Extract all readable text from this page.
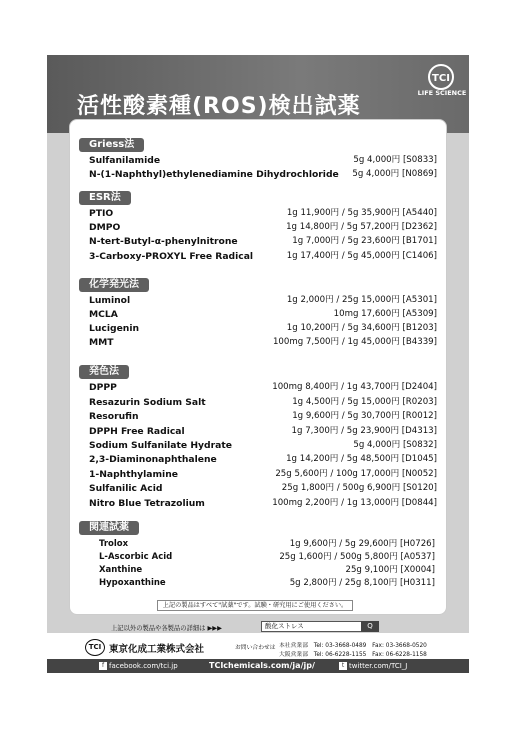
活性酸素種(ROS)検出試薬
TCI
LIFE SCIENCE
Griess法
Sulfanilamide	5g 4,000円 [S0833]
N-(1-Naphthyl)ethylenediamine Dihydrochloride 5g 4,000円 [N0869]
ESR法
PTIO	1g 11,900円 / 5g 35,900円 [A5440]
DMPO	1g 14,800円 / 5g 57,200円 [D2362]
N-tert-Butyl-α-phenylnitrone	1g 7,000円 / 5g 23,600円 [B1701]
3-Carboxy-PROXYL Free Radical	1g 17,400円 / 5g 45,000円 [C1406]
化学発光法
Luminol	1g 2,000円 / 25g 15,000円 [A5301]
MCLA	10mg 17,600円 [A5309]
Lucigenin	1g 10,200円 / 5g 34,600円 [B1203]
MMT	100mg 7,500円 / 1g 45,000円 [B4339]
発色法
DPPP	100mg 8,400円 / 1g 43,700円 [D2404]
Resazurin Sodium Salt	1g 4,500円 / 5g 15,000円 [R0203]
Resorufin	1g 9,600円 / 5g 30,700円 [R0012]
DPPH Free Radical	1g 7,300円 / 5g 23,900円 [D4313]
Sodium Sulfanilate Hydrate	5g 4,000円 [S0832]
2,3-Diaminonaphthalene	1g 14,200円 / 5g 48,500円 [D1045]
1-Naphthylamine	25g 5,600円 / 100g 17,000円 [N0052]
Sulfanilic Acid	25g 1,800円 / 500g 6,900円 [S0120]
Nitro Blue Tetrazolium	100mg 2,200円 / 1g 13,000円 [D0844]
関連試薬
Trolox	1g 9,600円 / 5g 29,600円 [H0726]
L-Ascorbic Acid	25g 1,600円 / 500g 5,800円 [A0537]
Xanthine	25g 9,100円 [X0004]
Hypoxanthine	5g 2,800円 / 25g 8,100円 [H0311]
上記の製品はすべて"試薬"です。試験・研究用にご使用ください。
上記以外の製品や各製品の詳細は ▶▶▶	酸化ストレス	Q
TCI 東京化成工業株式会社	お問い合わせは 本社営業部　Tel: 03-3668-0489　Fax: 03-3668-0520
大阪営業部　Tel: 06-6228-1155　Fax: 06-6228-1158
f facebook.com/tci.jp	TCIchemicals.com/ja/jp/	t twitter.com/TCI_J
